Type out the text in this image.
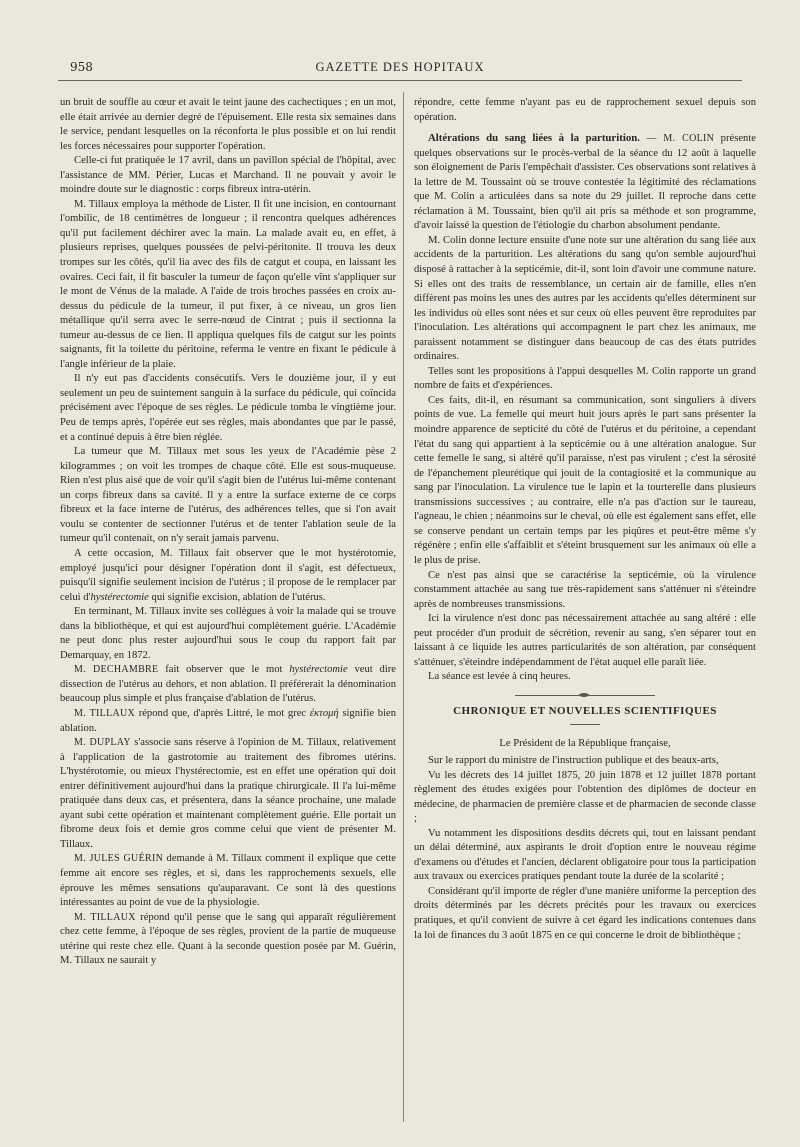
958	GAZETTE DES HOPITAUX

un bruit de souffle au cœur et avait le teint jaune des cachectiques ; en un mot, elle était arrivée au dernier degré de l'épuisement. Elle resta six semaines dans le service, pendant lesquelles on la réconforta le plus possible et on lui rendit les forces nécessaires pour supporter l'opération.

Celle-ci fut pratiquée le 17 avril, dans un pavillon spécial de l'hôpital, avec l'assistance de MM. Périer, Lucas et Marchand. Il ne pouvait y avoir le moindre doute sur le diagnostic : corps fibreux intra-utérin.

M. Tillaux employa la méthode de Lister. Il fit une incision, en contournant l'ombilic, de 18 centimètres de longueur ; il rencontra quelques adhérences qu'il put facilement déchirer avec la main. La malade avait eu, en effet, à plusieurs reprises, quelques poussées de pelvi-péritonite. Il trouva les deux trompes sur les côtés, qu'il lia avec des fils de catgut et coupa, en laissant les ovaires. Ceci fait, il fit basculer la tumeur de façon qu'elle vînt s'appliquer sur le mont de Vénus de la malade. A l'aide de trois broches passées en croix au-dessus du pédicule de la tumeur, il put fixer, à ce niveau, un gros lien métallique qu'il serra avec le serre-nœud de Cintrat ; puis il sectionna la tumeur au-dessus de ce lien. Il appliqua quelques fils de catgut sur les points saignants, fit la toilette du péritoine, referma le ventre en fixant le pédicule à l'angle inférieur de la plaie.

Il n'y eut pas d'accidents consécutifs. Vers le douzième jour, il y eut seulement un peu de suintement sanguin à la surface du pédicule, qui coïncida précisément avec l'époque de ses règles. Le pédicule tomba le vingtième jour. Peu de temps après, l'opérée eut ses règles, mais abondantes que par le passé, et a continué depuis à être bien réglée.

La tumeur que M. Tillaux met sous les yeux de l'Académie pèse 2 kilogrammes ; on voit les trompes de chaque côté. Elle est sous-muqueuse. Rien n'est plus aisé que de voir qu'il s'agit bien de l'utérus lui-même contenant un corps fibreux dans sa cavité. Il y a entre la surface externe de ce corps fibreux et la face interne de l'utérus, des adhérences telles, que si l'on avait voulu se contenter de sectionner l'utérus et de tenter l'ablation seule de la tumeur qu'il contenait, on n'y serait jamais parvenu.

A cette occasion, M. Tillaux fait observer que le mot hystérotomie, employé jusqu'ici pour désigner l'opération dont il s'agit, est défectueux, puisqu'il signifie seulement incision de l'utérus ; il propose de le remplacer par celui d'hystérectomie qui signifie excision, ablation de l'utérus.

En terminant, M. Tillaux invite ses collègues à voir la malade qui se trouve dans la bibliothèque, et qui est aujourd'hui complètement guérie. L'Académie ne peut donc plus rester aujourd'hui sous le coup du rapport fait par Demarquay, en 1872.

M. DECHAMBRE fait observer que le mot hystérectomie veut dire dissection de l'utérus au dehors, et non ablation. Il préférerait la dénomination beaucoup plus simple et plus française d'ablation de l'utérus.

M. TILLAUX répond que, d'après Littré, le mot grec ἐκτομή signifie bien ablation.

M. DUPLAY s'associe sans réserve à l'opinion de M. Tillaux, relativement à l'application de la gastrotomie au traitement des fibromes utérins. L'hystérotomie, ou mieux l'hystérectomie, est en effet une opération qui doit entrer définitivement aujourd'hui dans la pratique chirurgicale. Il l'a lui-même pratiquée dans deux cas, et présentera, dans la séance prochaine, une malade ayant subi cette opération et maintenant complètement guérie. Elle portait un fibrome deux fois et demie gros comme celui que vient de présenter M. Tillaux.

M. JULES GUÉRIN demande à M. Tillaux comment il explique que cette femme ait encore ses règles, et si, dans les rapprochements sexuels, elle éprouve les mêmes sensations qu'auparavant. Ce sont là des questions intéressantes au point de vue de la physiologie.

M. TILLAUX répond qu'il pense que le sang qui apparaît régulièrement chez cette femme, à l'époque de ses règles, provient de la partie de muqueuse utérine qui reste chez elle. Quant à la seconde question posée par M. Guérin, M. Tillaux ne saurait y

répondre, cette femme n'ayant pas eu de rapprochement sexuel depuis son opération.

Altérations du sang liées à la parturition. — M. COLIN présente quelques observations sur le procès-verbal de la séance du 12 août à laquelle son éloignement de Paris l'empêchait d'assister. Ces observations sont relatives à la lettre de M. Toussaint où se trouve contestée la légitimité des réclamations que M. Colin a articulées dans sa note du 29 juillet. Il reproche dans cette réclamation à M. Toussaint, bien qu'il ait pris sa méthode et son programme, d'avoir laissé la question de l'étiologie du charbon absolument pendante.

M. Colin donne lecture ensuite d'une note sur une altération du sang liée aux accidents de la parturition. Les altérations du sang qu'on semble aujourd'hui disposé à rattacher à la septicémie, dit-il, sont loin d'avoir une commune nature. Si elles ont des traits de ressemblance, un certain air de famille, elles n'en diffèrent pas moins les unes des autres par les accidents qu'elles déterminent sur les individus où elles sont nées et sur ceux où elles peuvent être reproduites par l'inoculation. Les altérations qui accompagnent le part chez les animaux, me paraissent notamment se distinguer dans beaucoup de cas des états putrides ordinaires.

Telles sont les propositions à l'appui desquelles M. Colin rapporte un grand nombre de faits et d'expériences.

Ces faits, dit-il, en résumant sa communication, sont singuliers à divers points de vue. La femelle qui meurt huit jours après le part sans présenter la moindre apparence de septicité du côté de l'utérus et du péritoine, a cependant l'état du sang qui appartient à la septicémie ou à une altération analogue. Sur cette femelle le sang, si altéré qu'il paraisse, n'est pas virulent ; c'est la sérosité de l'épanchement pleurétique qui jouit de la contagiosité et la communique au sang par l'inoculation. La virulence tue le lapin et la tourterelle dans plusieurs transmissions successives ; au contraire, elle n'a pas d'action sur le taureau, l'agneau, le chien ; néanmoins sur le cheval, où elle est également sans effet, elle se conserve pendant un certain temps par les piqûres et peut-être même s'y régénère ; enfin elle s'affaiblit et s'éteint brusquement sur les animaux où elle a le plus de prise.

Ce n'est pas ainsi que se caractérise la septicémie, où la virulence constamment attachée au sang tue très-rapidement sans s'atténuer ni s'éteindre après de nombreuses transmissions.

Ici la virulence n'est donc pas nécessairement attachée au sang altéré : elle peut procéder d'un produit de sécrétion, revenir au sang, s'en séparer tout en laissant à ce liquide les autres particularités de son altération, par conséquent s'atténuer, s'éteindre indépendamment de l'état auquel elle paraît liée.

La séance est levée à cinq heures.

CHRONIQUE ET NOUVELLES SCIENTIFIQUES

Le Président de la République française,

Sur le rapport du ministre de l'instruction publique et des beaux-arts,

Vu les décrets des 14 juillet 1875, 20 juin 1878 et 12 juillet 1878 portant règlement des études exigées pour l'obtention des diplômes de docteur en médecine, de pharmacien de première classe et de pharmacien de seconde classe ;

Vu notamment les dispositions desdits décrets qui, tout en laissant pendant un délai déterminé, aux aspirants le droit d'option entre le nouveau régime d'examens ou d'études et l'ancien, déclarent obligatoire pour tous la participation aux travaux ou exercices pratiques pendant toute la durée de la scolarité ;

Considérant qu'il importe de régler d'une manière uniforme la perception des droits déterminés par les décrets précités pour les travaux ou exercices pratiques, et qu'il convient de suivre à cet égard les indications contenues dans la loi de finances du 3 août 1875 en ce qui concerne le droit de bibliothèque ;
